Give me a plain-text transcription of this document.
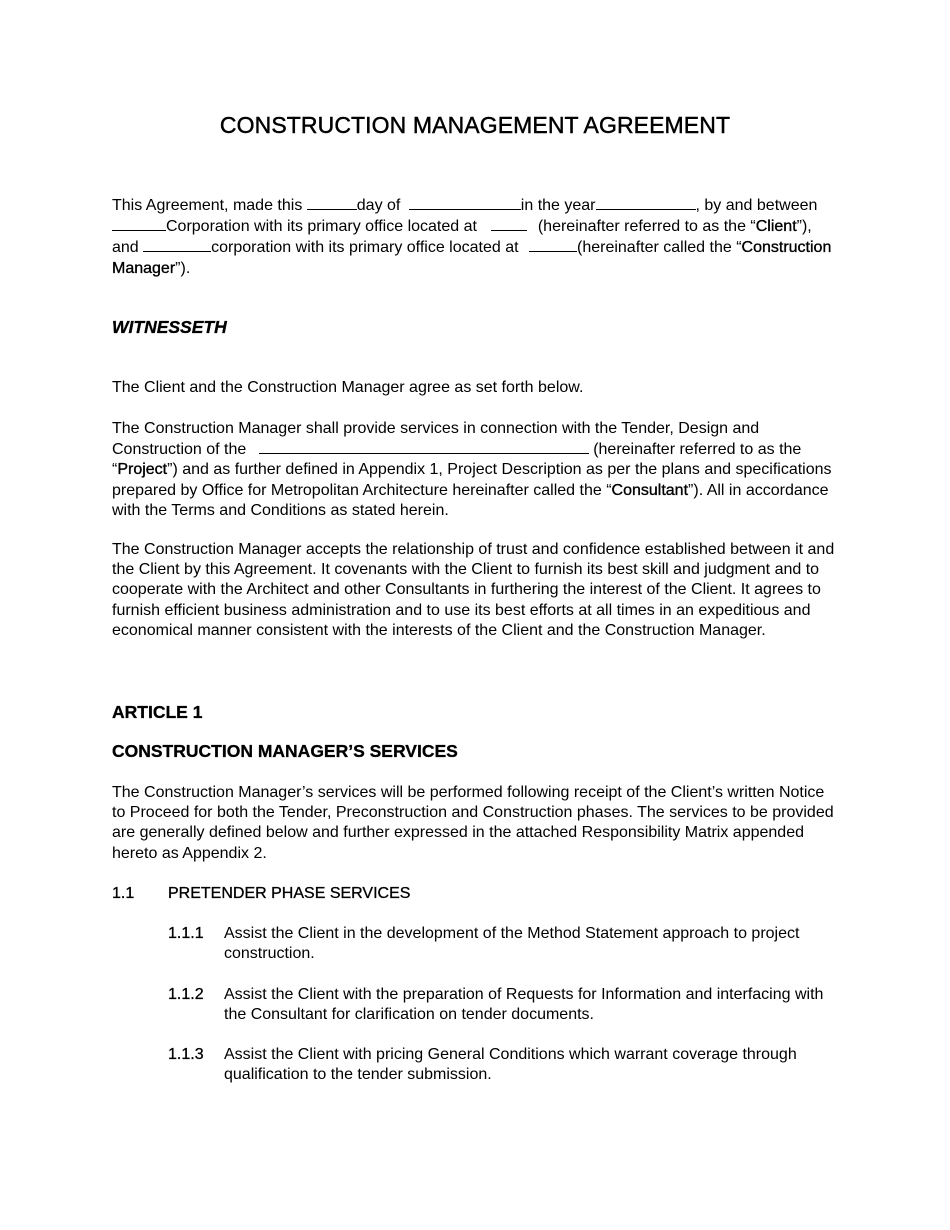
CONSTRUCTION MANAGEMENT AGREEMENT

This Agreement, made this	day of	in the year	, by and between Corporation with its primary office located at	(hereinafter referred to as the “Client”), and	corporation with its primary office located at	(hereinafter called the “Construction Manager”).

WITNESSETH

The Client and the Construction Manager agree as set forth below.

The Construction Manager shall provide services in connection with the Tender, Design and Construction of the	(hereinafter referred to as the “Project”) and as further defined in Appendix 1, Project Description as per the plans and specifications prepared by Office for Metropolitan Architecture hereinafter called the “Consultant”). All in accordance with the Terms and Conditions as stated herein.

The Construction Manager accepts the relationship of trust and confidence established between it and the Client by this Agreement. It covenants with the Client to furnish its best skill and judgment and to cooperate with the Architect and other Consultants in furthering the interest of the Client. It agrees to furnish efficient business administration and to use its best efforts at all times in an expeditious and economical manner consistent with the interests of the Client and the Construction Manager.

ARTICLE 1
CONSTRUCTION MANAGER’S SERVICES

The Construction Manager’s services will be performed following receipt of the Client’s written Notice to Proceed for both the Tender, Preconstruction and Construction phases. The services to be provided are generally defined below and further expressed in the attached Responsibility Matrix appended hereto as Appendix 2.

1.1 PRETENDER PHASE SERVICES

1.1.1 Assist the Client in the development of the Method Statement approach to project construction.

1.1.2 Assist the Client with the preparation of Requests for Information and interfacing with the Consultant for clarification on tender documents.

1.1.3 Assist the Client with pricing General Conditions which warrant coverage through qualification to the tender submission.
